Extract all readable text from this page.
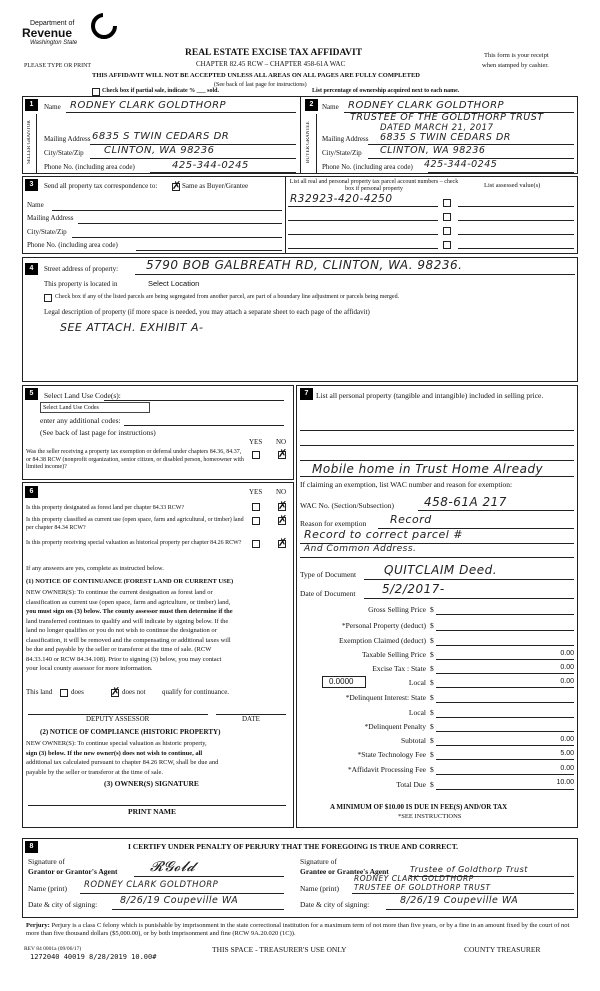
Department of
Revenue
Washington State
PLEASE TYPE OR PRINT
REAL ESTATE EXCISE TAX AFFIDAVIT
CHAPTER 82.45 RCW – CHAPTER 458-61A WAC
THIS AFFIDAVIT WILL NOT BE ACCEPTED UNLESS ALL AREAS ON ALL PAGES ARE FULLY COMPLETED
This form is your receipt
when stamped by cashier.
Check box if partial sale, indicate % ___ sold.	List percentage of ownership acquired next to each name.
(See back of last page for instructions)
1
SELLER GRANTOR
Name RODNEY CLARK GOLDTHORP
Mailing Address 6835 S TWIN CEDARS DR
City/State/Zip CLINTON, WA 98236
Phone No. (including area code)	425-344-0245
2
BUYER GRANTEE
Name RODNEY CLARK GOLDTHORP
TRUSTEE OF THE GOLDTHORP TRUST
DATED MARCH 21, 2017
Mailing Address 6835 S TWIN CEDARS DR
City/State/Zip CLINTON, WA 98236
Phone No. (including area code) 425-344-0245
3	Send all property tax correspondence to: ✗	Same as Buyer/Grantee
Name
Mailing Address
City/State/Zip
Phone No. (including area code)
List all real and personal property tax parcel account numbers – check box if personal property	List assessed value(s)
R32923-420-4250
4	Street address of property: 5790 BOB GALBREATH RD, CLINTON, WA. 98236.
This property is located in	Select Location
Check box if any of the listed parcels are being segregated from another parcel, are part of a boundary line adjustment or parcels being merged.
Legal description of property (if more space is needed, you may attach a separate sheet to each page of the affidavit)
SEE ATTACH. EXHIBIT A-
5	Select Land Use Code(s):
Select Land Use Codes
enter any additional codes:
(See back of last page for instructions)
YES NO
Was the seller receiving a property tax exemption or deferral under chapters 84.36, 84.37, or 84.38 RCW (nonprofit organization, senior citizen, or disabled person, homeowner with limited income)?
✗
6	YES NO
Is this property designated as forest land per chapter 84.33 RCW?
✗
Is this property classified as current use (open space, farm and agricultural, or timber) land per chapter 84.34 RCW?
✗
Is this property receiving special valuation as historical property per chapter 84.26 RCW?
✗
If any answers are yes, complete as instructed below.
(1) NOTICE OF CONTINUANCE (FOREST LAND OR CURRENT USE)
NEW OWNER(S): To continue the current designation as forest land or
classification as current use (open space, farm and agriculture, or timber) land,
you must sign on (3) below. The county assessor must then determine if the
land transferred continues to qualify and will indicate by signing below. If the
land no longer qualifies or you do not wish to continue the designation or
classification, it will be removed and the compensating or additional taxes will
be due and payable by the seller or transferor at the time of sale. (RCW
84.33.140 or RCW 84.34.108). Prior to signing (3) below, you may contact
your local county assessor for more information.
This land	does ✗	does not qualify for continuance.
DEPUTY ASSESSOR	DATE
(2) NOTICE OF COMPLIANCE (HISTORIC PROPERTY)
NEW OWNER(S): To continue special valuation as historic property,
sign (3) below. If the new owner(s) does not wish to continue, all
additional tax calculated pursuant to chapter 84.26 RCW, shall be due and
payable by the seller or transferor at the time of sale.
(3) OWNER(S) SIGNATURE
PRINT NAME
7	List all personal property (tangible and intangible) included in selling price.
Mobile home in Trust Home Already
If claiming an exemption, list WAC number and reason for exemption:
WAC No. (Section/Subsection)	458-61A 217
Reason for exemption Record
Record to correct parcel #
And Common Address.
Type of Document QUITCLAIM Deed.
Date of Document 5/2/2017-
Gross Selling Price $
*Personal Property (deduct) $
Exemption Claimed (deduct) $
Taxable Selling Price $	0.00
Excise Tax : State $	0.00
0.0000	Local $	0.00
*Delinquent Interest: State $
Local $
*Delinquent Penalty $
Subtotal $	0.00
*State Technology Fee $	5.00
*Affidavit Processing Fee $	0.00
Total Due $	10.00
A MINIMUM OF $10.00 IS DUE IN FEE(S) AND/OR TAX
*SEE INSTRUCTIONS
8	I CERTIFY UNDER PENALTY OF PERJURY THAT THE FOREGOING IS TRUE AND CORRECT.
Signature of
Grantor or Grantor's Agent 𝓡𝓖𝓸𝓵𝓭
Name (print) RODNEY CLARK GOLDTHORP
Date & city of signing: 8/26/19 Coupeville WA
Signature of
Grantee or Grantee's Agent	Trustee of Goldthorp Trust
Name (print)
RODNEY CLARK GOLDTHORP TRUSTEE OF GOLDTHORP TRUST
Date & city of signing:	8/26/19 Coupeville WA
Perjury: Perjury is a class C felony which is punishable by imprisonment in the state correctional institution for a maximum term of not more than five years, or by a fine in an amount fixed by the court of not more than five thousand dollars ($5,000.00), or by both imprisonment and fine (RCW 9A.20.020 (1C)).
REV 84 0001a (09/06/17)
1272040 40019 8/28/2019 10.00#
THIS SPACE - TREASURER'S USE ONLY	COUNTY TREASURER
